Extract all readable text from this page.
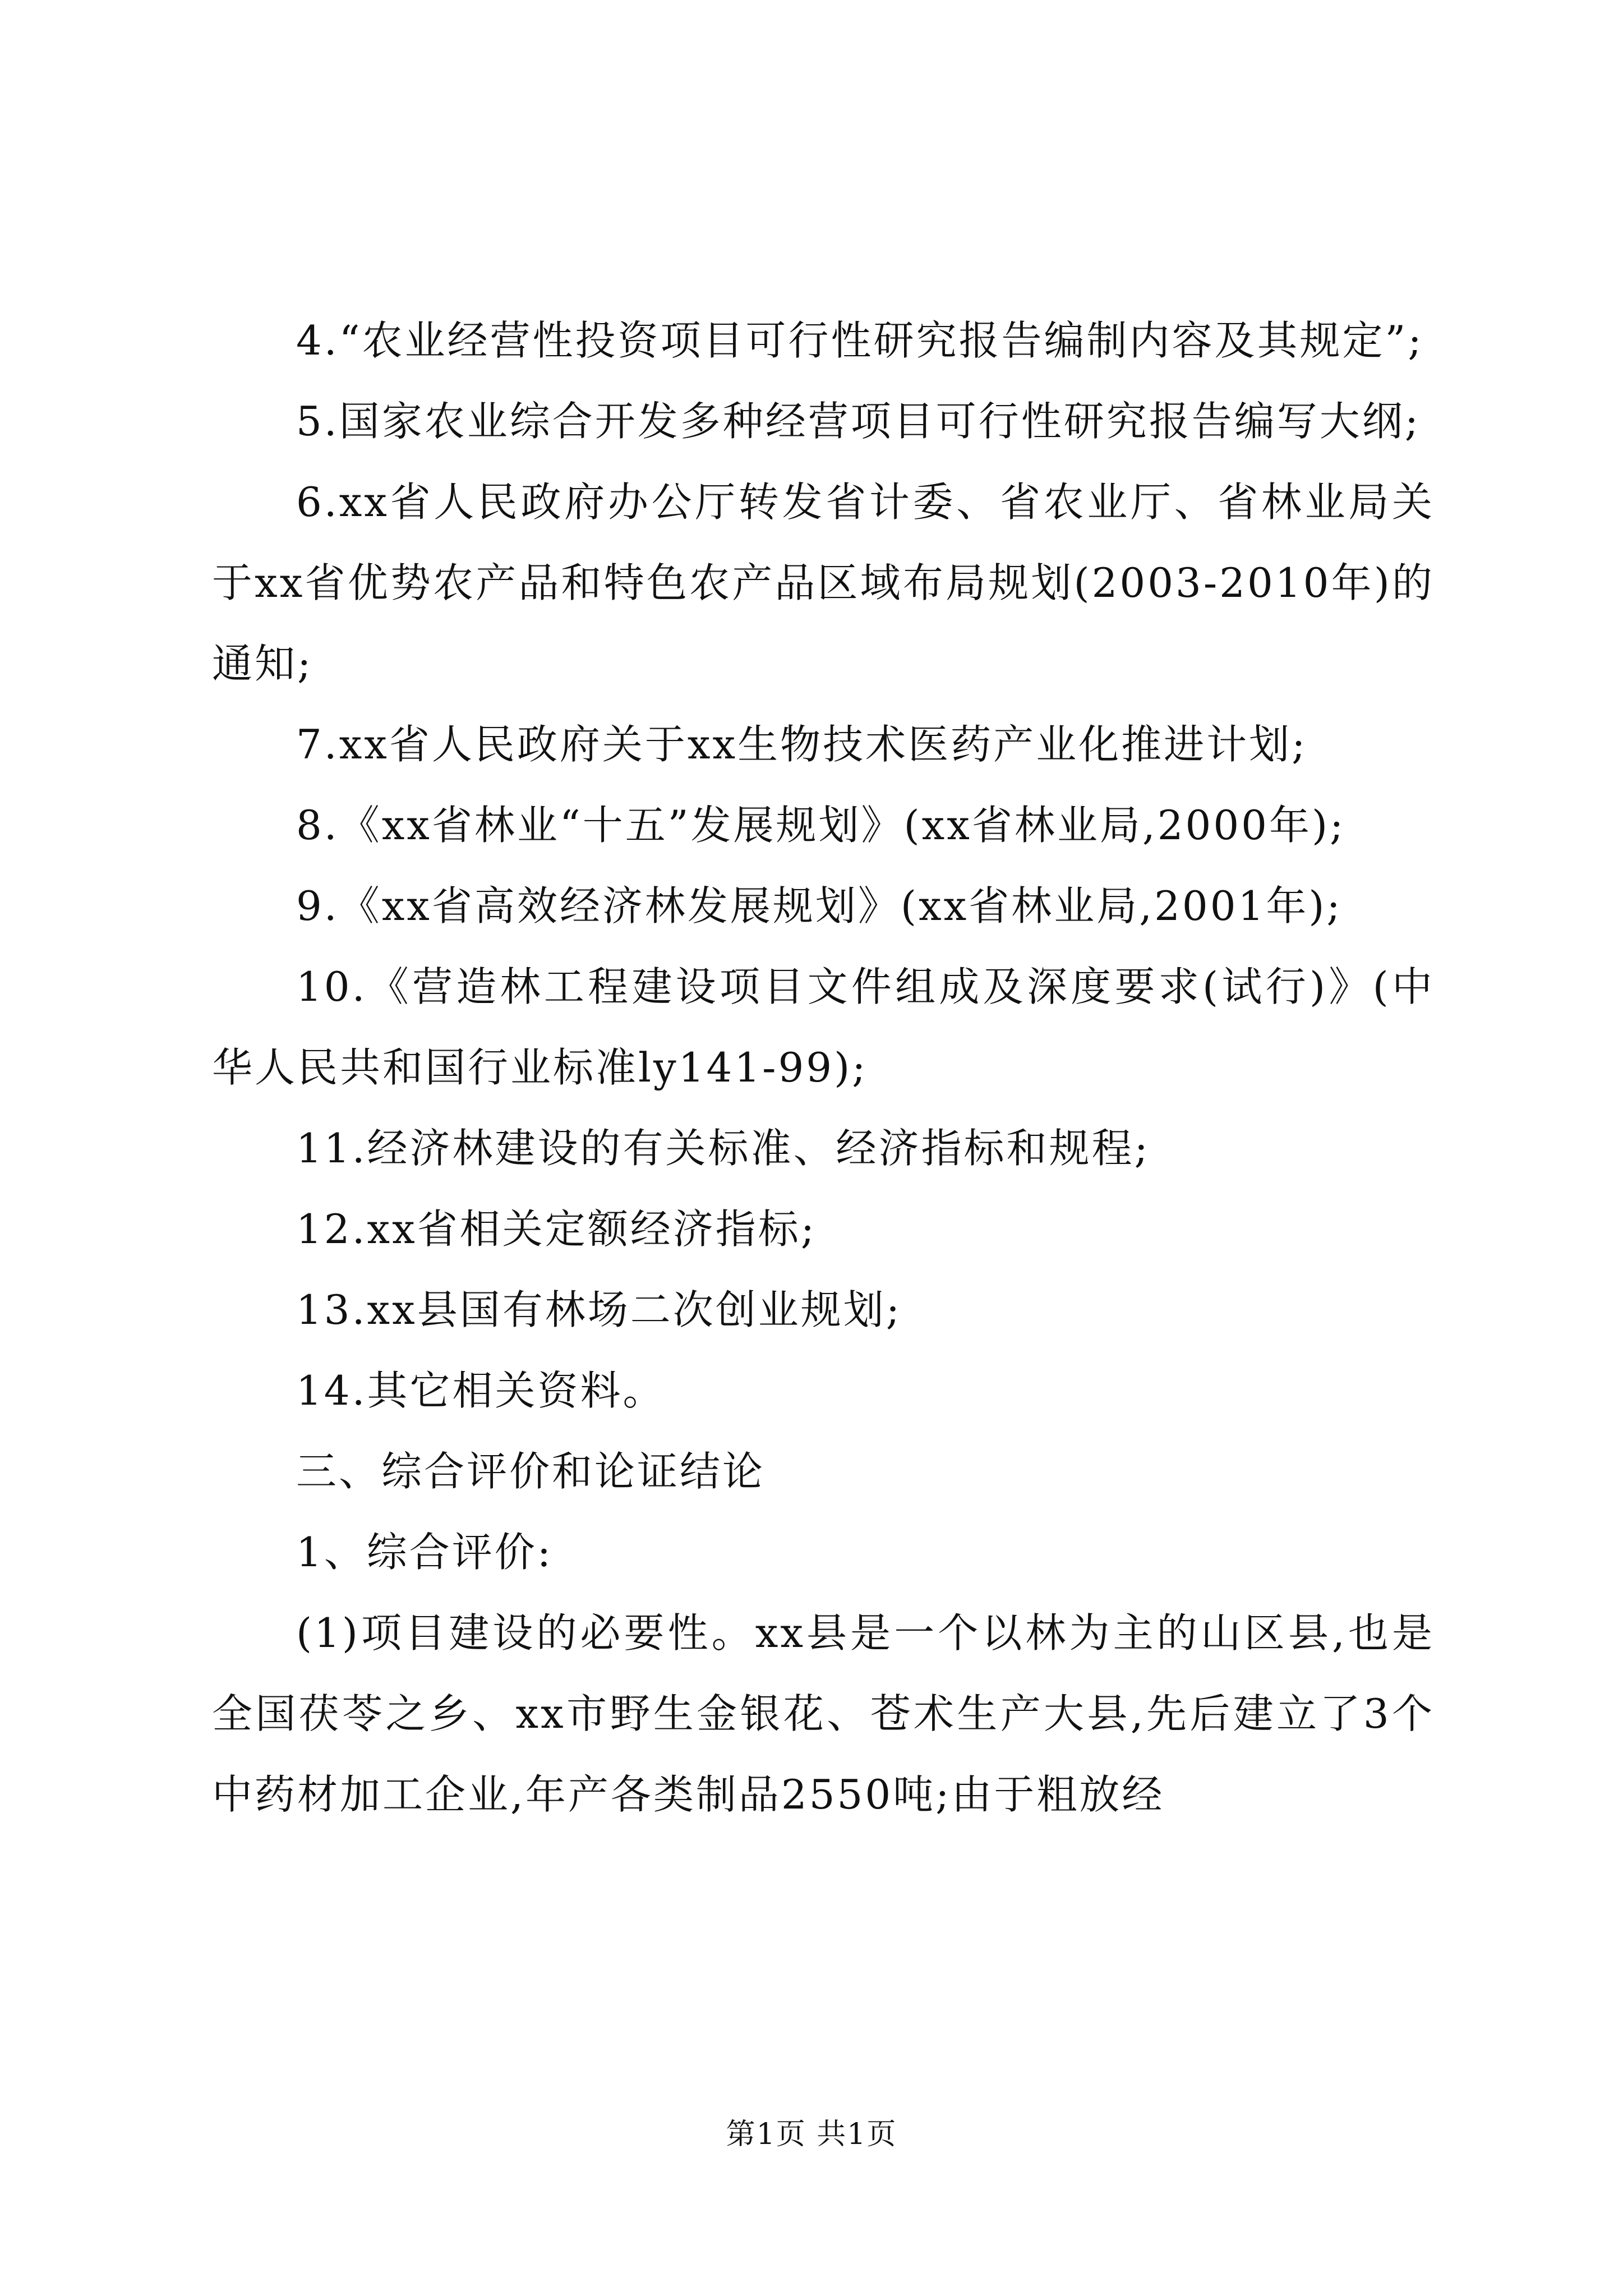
4.“农业经营性投资项目可行性研究报告编制内容及其规定”;

5.国家农业综合开发多种经营项目可行性研究报告编写大纲;

6.xx省人民政府办公厅转发省计委、省农业厅、省林业局关于xx省优势农产品和特色农产品区域布局规划(2003-2010年)的通知;

7.xx省人民政府关于xx生物技术医药产业化推进计划;

8.《xx省林业“十五”发展规划》(xx省林业局,2000年);

9.《xx省高效经济林发展规划》(xx省林业局,2001年);

10.《营造林工程建设项目文件组成及深度要求(试行)》(中华人民共和国行业标准ly141-99);

11.经济林建设的有关标准、经济指标和规程;

12.xx省相关定额经济指标;

13.xx县国有林场二次创业规划;

14.其它相关资料。

三、综合评价和论证结论

1、综合评价:

(1)项目建设的必要性。xx县是一个以林为主的山区县,也是全国茯苓之乡、xx市野生金银花、苍术生产大县,先后建立了3个中药材加工企业,年产各类制品2550吨;由于粗放经

第1页 共1页
